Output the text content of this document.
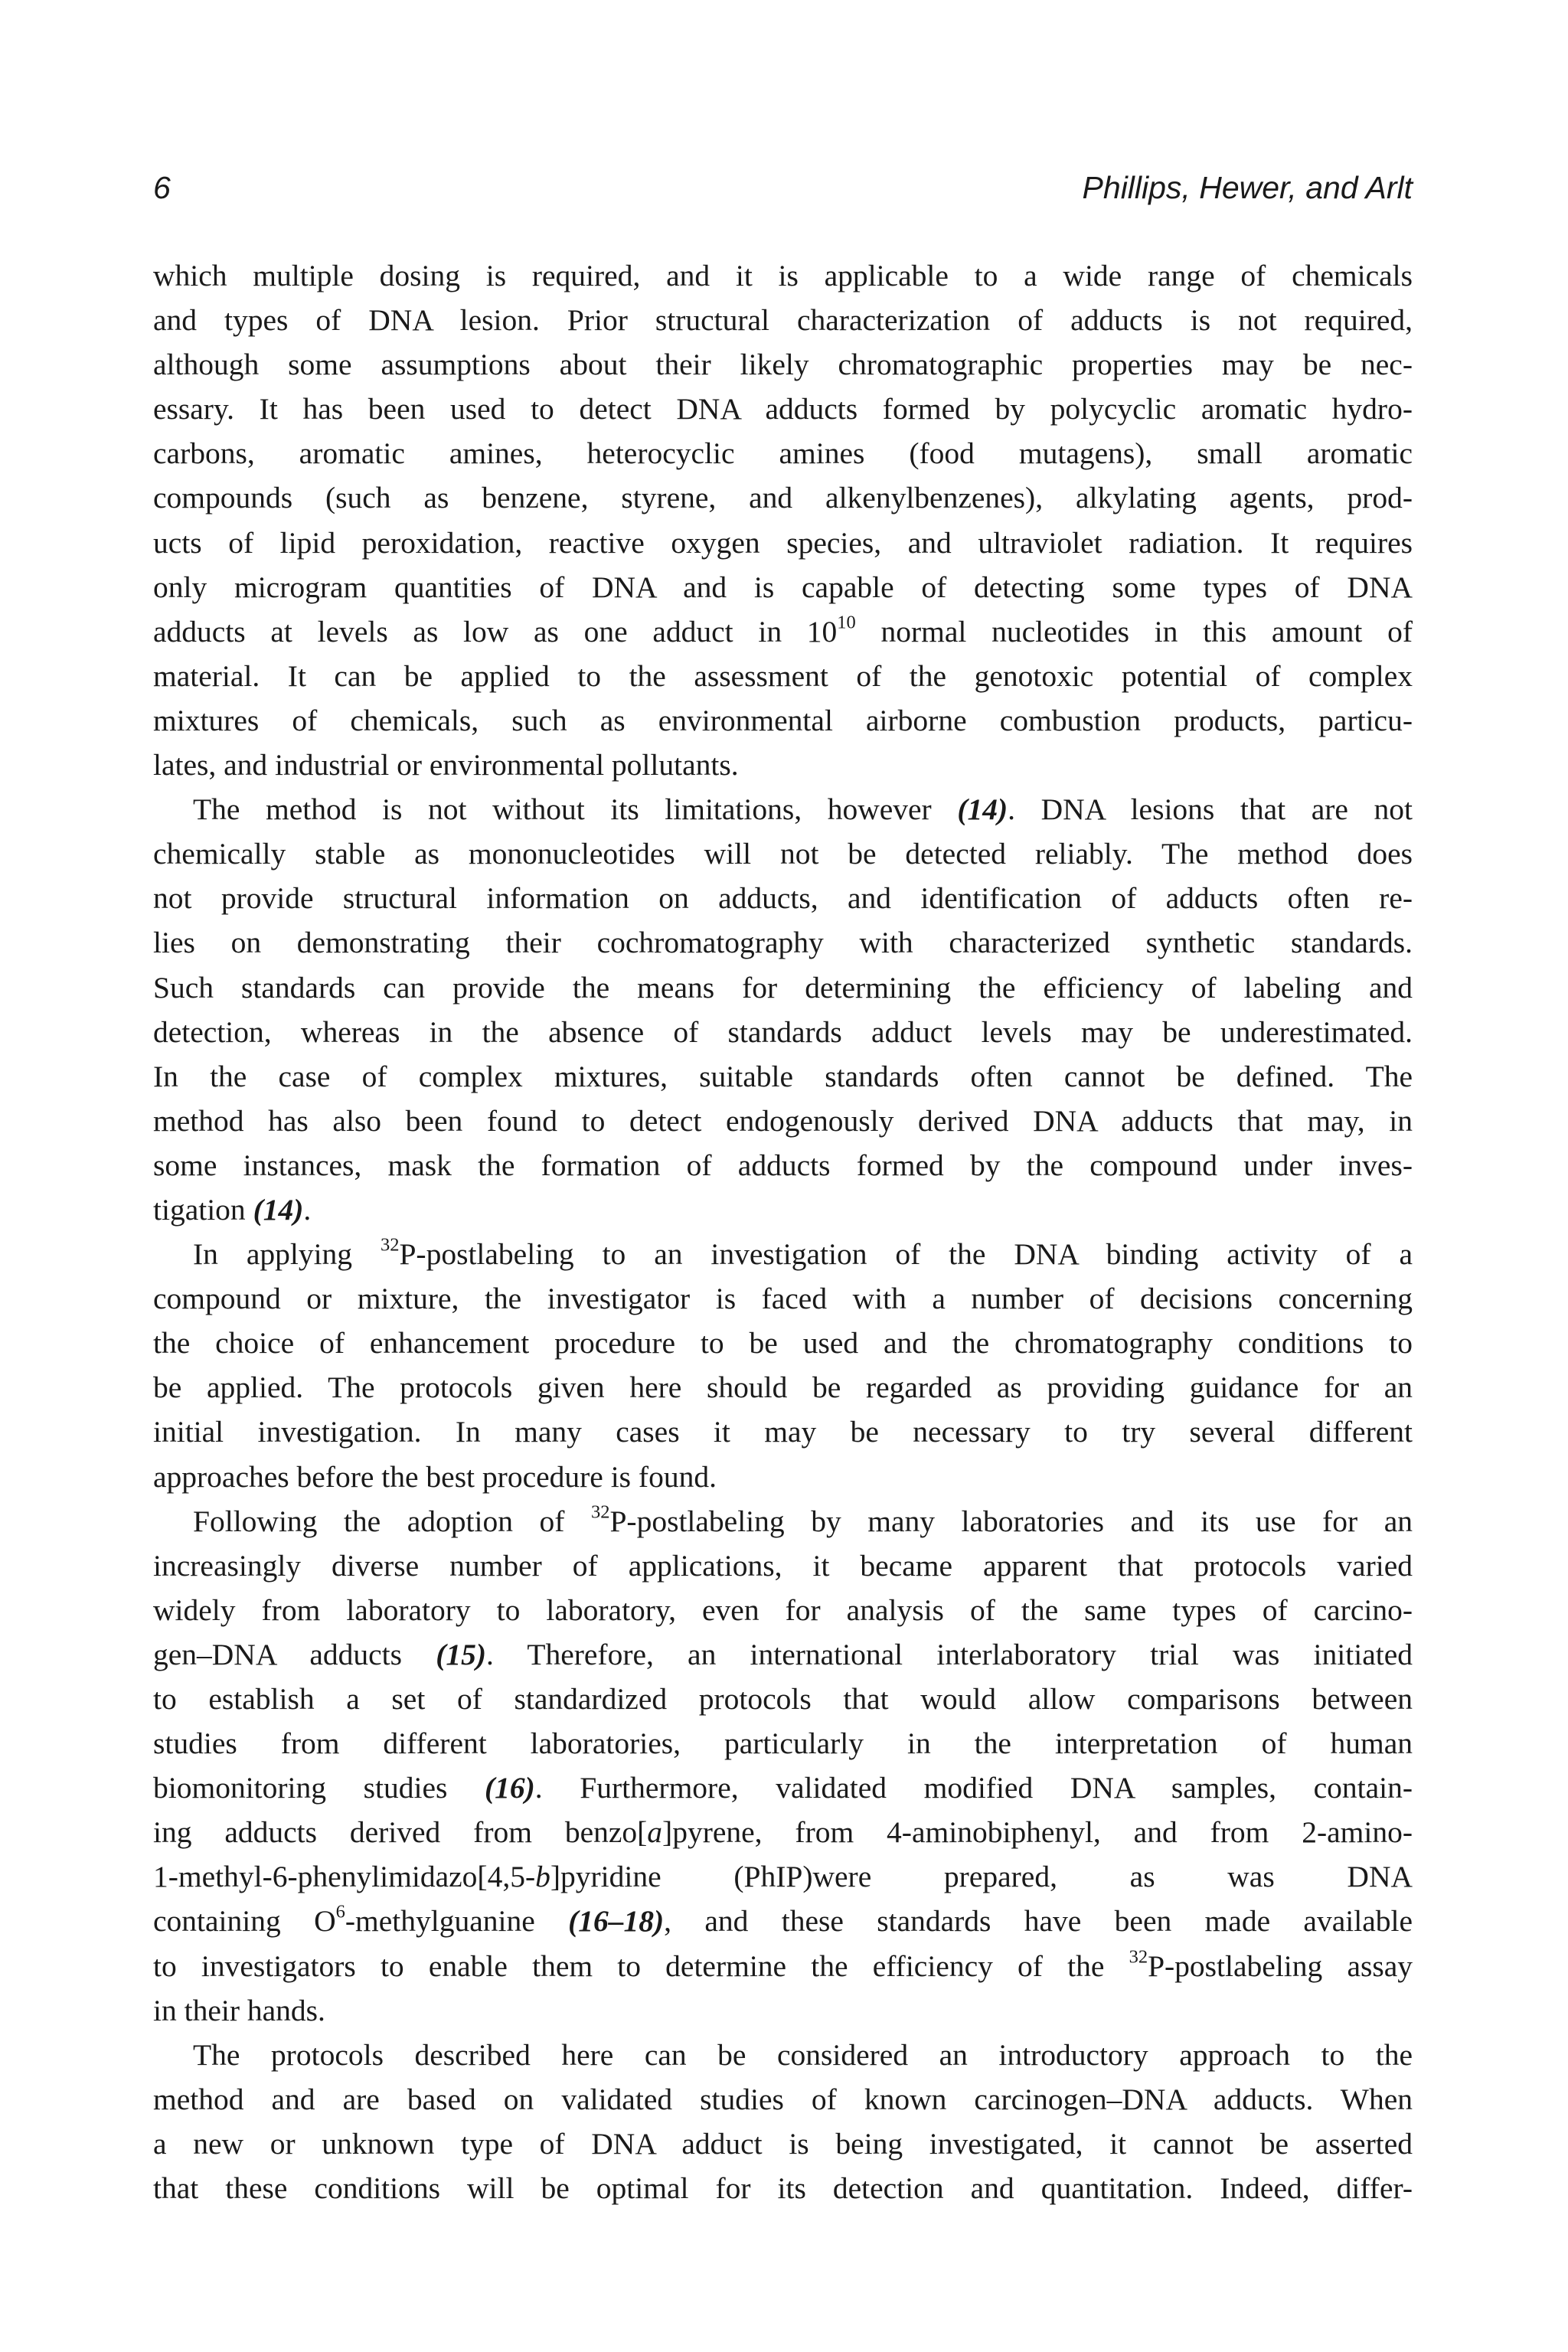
6	Phillips, Hewer, and Arlt
which multiple dosing is required, and it is applicable to a wide range of chemicals
and types of DNA lesion. Prior structural characterization of adducts is not required,
although some assumptions about their likely chromatographic properties may be nec-
essary. It has been used to detect DNA adducts formed by polycyclic aromatic hydro-
carbons, aromatic amines, heterocyclic amines (food mutagens), small aromatic
compounds (such as benzene, styrene, and alkenylbenzenes), alkylating agents, prod-
ucts of lipid peroxidation, reactive oxygen species, and ultraviolet radiation. It requires
only microgram quantities of DNA and is capable of detecting some types of DNA
adducts at levels as low as one adduct in $10^{10}$ normal nucleotides in this amount of
material. It can be applied to the assessment of the genotoxic potential of complex
mixtures of chemicals, such as environmental airborne combustion products, particu-
lates, and industrial or environmental pollutants.
The method is not without its limitations, however (14). DNA lesions that are not
chemically stable as mononucleotides will not be detected reliably. The method does
not provide structural information on adducts, and identification of adducts often re-
lies on demonstrating their cochromatography with characterized synthetic standards.
Such standards can provide the means for determining the efficiency of labeling and
detection, whereas in the absence of standards adduct levels may be underestimated.
In the case of complex mixtures, suitable standards often cannot be defined. The
method has also been found to detect endogenously derived DNA adducts that may, in
some instances, mask the formation of adducts formed by the compound under inves-
tigation (14).
In applying $^{32}$P-postlabeling to an investigation of the DNA binding activity of a
compound or mixture, the investigator is faced with a number of decisions concerning
the choice of enhancement procedure to be used and the chromatography conditions to
be applied. The protocols given here should be regarded as providing guidance for an
initial investigation. In many cases it may be necessary to try several different
approaches before the best procedure is found.
Following the adoption of $^{32}$P-postlabeling by many laboratories and its use for an
increasingly diverse number of applications, it became apparent that protocols varied
widely from laboratory to laboratory, even for analysis of the same types of carcino-
gen–DNA adducts (15). Therefore, an international interlaboratory trial was initiated
to establish a set of standardized protocols that would allow comparisons between
studies from different laboratories, particularly in the interpretation of human
biomonitoring studies (16). Furthermore, validated modified DNA samples, contain-
ing adducts derived from benzo[a]pyrene, from 4-aminobiphenyl, and from 2-amino-
1-methyl-6-phenylimidazo[4,5-b]pyridine (PhIP)were prepared, as was DNA
containing $O^6$-methylguanine (16–18), and these standards have been made available
to investigators to enable them to determine the efficiency of the $^{32}$P-postlabeling assay
in their hands.
The protocols described here can be considered an introductory approach to the
method and are based on validated studies of known carcinogen–DNA adducts. When
a new or unknown type of DNA adduct is being investigated, it cannot be asserted
that these conditions will be optimal for its detection and quantitation. Indeed, differ-
